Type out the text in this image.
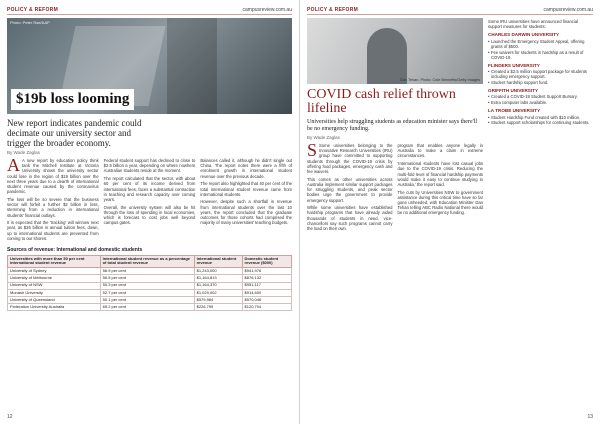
POLICY & REFORM	campusreview.com.au
Photo: Peter Rae/AAP
$19b loss looming
New report indicates pandemic could decimate our university sector and trigger the broader economy.
By Wade Zaglas

A A new report by education policy think tank the Mitchell Institute at Victoria University shows the university sector could lose in the region of $19 billion over the next three years due to a dearth of international student revenue caused by the coronavirus pandemic.

The loss will be so severe that the business sector will forfeit a further $2 billion in loss, stemming from a reduction in international students' financial outlays.

It is expected that the 'tracking' will winnow next year, as $26 billion in annual tuition fees, down, up to international students are prevented from coming to our shores.

Federal student support has declined to close to $2.5 billion a year, depending on where nowhere Australian students reside at the moment.

The report calculated that the sector, with about 60 per cent of its income derived from international fees, faces a substantial contraction in teaching and research capacity over coming years.

Overall, the university system will also be hit through the loss of spending in local economies, which is forecast to cost jobs well beyond campus gates.

Balances called it, although he didn't single out China. The report notes there were a fifth of enrolment growth in international student revenue over the previous decade.

The report also highlighted that 40 per cent of the total international student revenue came from international students.

However, despite such a shortfall in revenue from international students over the last 10 years, the report concluded that the graduate outcomes for those cohorts had comprised the majority of many universities' teaching budgets.

Sources of revenue: International and domestic students
Universities with more than 50 per cent international student revenue	International student revenue as a percentage of total student revenue	International student revenue	Domestic student revenue ($000)
University of Sydney	56.9 per cent	$1,243,000	$941,976
University of Melbourne	56.5 per cent	$1,164,813	$876,132
University of NSW	50.3 per cent	$1,164,370	$951,117
Monash University	52.7 per cent	$1,029,002	$914,600
University of Queensland	50.1 per cent	$579,984	$570,046
Federation University Australia	65.2 per cent	$226,799	$120,704
12
POLICY & REFORM	campusreview.com.au
Dan Tehan. Photo: Cole Bennetts/Getty Images
COVID cash relief thrown lifeline
Universities help struggling students as education minister says there'll be no emergency funding.
By Wade Zaglas

S Some universities belonging to the Innovative Research Universities (IRU) group have committed to supporting students through the COVID-19 crisis by offering food packages, emergency cash and fee waivers.

This comes as other universities across Australia implement similar support packages for struggling students, and peak sector bodies urge the government to provide emergency support.

While some universities have established hardship programs that have already aided thousands of students in need, vice-chancellors say such programs cannot carry the load on their own.

program that enables anyone legally in Australia to make a claim in extreme circumstances.

'International students have lost casual jobs due to the COVID-19 crisis. Reducing the multi-fold level of financial hardship payments would make it easy to continue studying in Australia,' the report said.

The cuts by Universities NSW to government assistance during this critical time have so far gone unheeded, with Education Minister Dan Tehan telling ABC Radio National there would be no additional emergency funding.

Some IRU universities have announced financial support measures for students:

CHARLES DARWIN UNIVERSITY
• Launched the Emergency Student Appeal, offering grants of $500.
• Fee waivers for students in hardship as a result of COVID-19.
FLINDERS UNIVERSITY
• Created a $2.5 million support package for students including emergency support.
• Student hardship support fund.
GRIFFITH UNIVERSITY
• Created a COVID-19 Student Support Bursary.
• Extra computer labs available.
LA TROBE UNIVERSITY
• Student Hardship Fund created with $10 million.
• Student support scholarships for continuing students.
13
